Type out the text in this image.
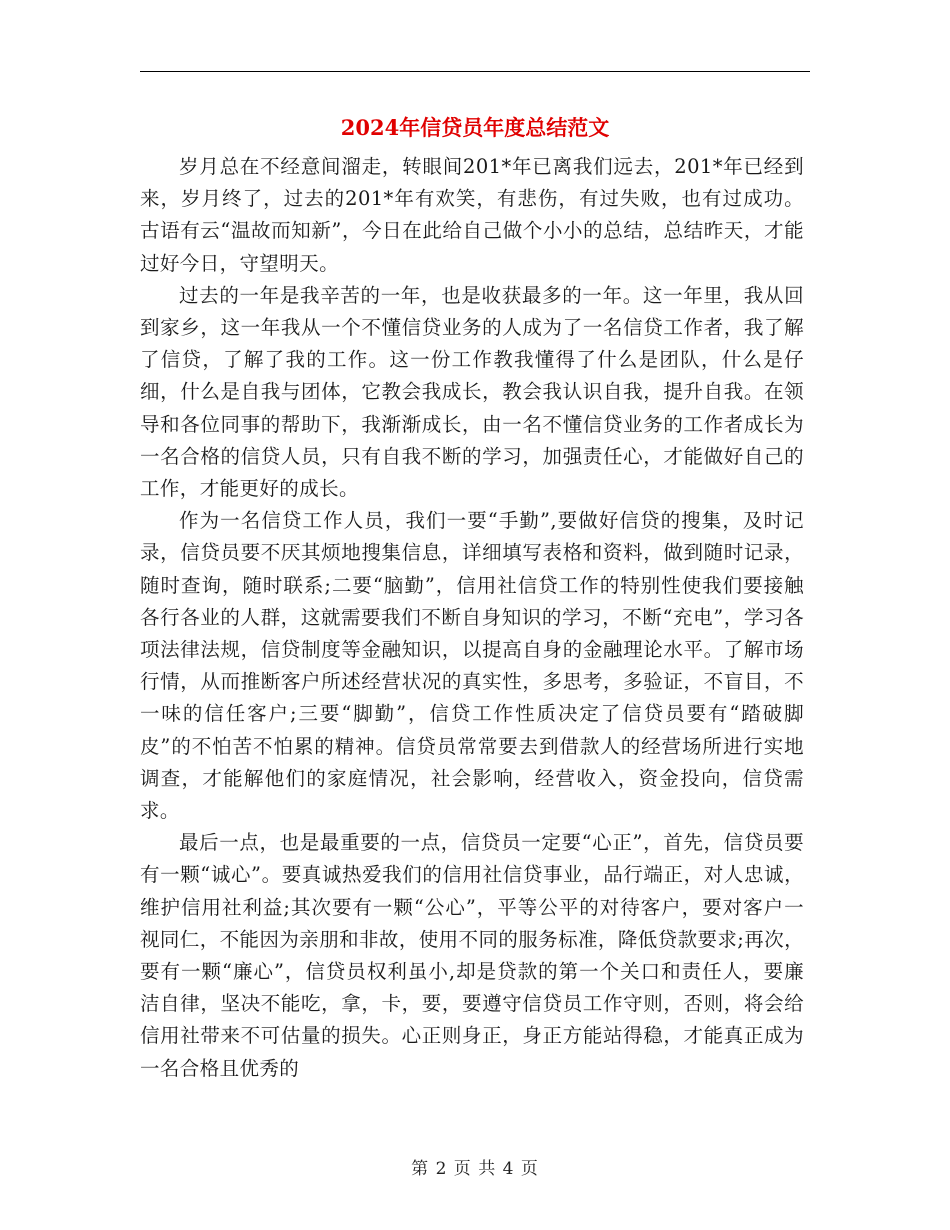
2024年信贷员年度总结范文

岁月总在不经意间溜走，转眼间201*年已离我们远去，201*年已经到来，岁月终了，过去的201*年有欢笑，有悲伤，有过失败，也有过成功。古语有云“温故而知新”，今日在此给自己做个小小的总结，总结昨天，才能过好今日，守望明天。

过去的一年是我辛苦的一年，也是收获最多的一年。这一年里，我从回到家乡，这一年我从一个不懂信贷业务的人成为了一名信贷工作者，我了解了信贷，了解了我的工作。这一份工作教我懂得了什么是团队，什么是仔细，什么是自我与团体，它教会我成长，教会我认识自我，提升自我。在领导和各位同事的帮助下，我渐渐成长，由一名不懂信贷业务的工作者成长为一名合格的信贷人员，只有自我不断的学习，加强责任心，才能做好自己的工作，才能更好的成长。

作为一名信贷工作人员，我们一要“手勤”,要做好信贷的搜集，及时记录，信贷员要不厌其烦地搜集信息，详细填写表格和资料，做到随时记录，随时查询，随时联系;二要“脑勤”，信用社信贷工作的特别性使我们要接触各行各业的人群，这就需要我们不断自身知识的学习，不断“充电”，学习各项法律法规，信贷制度等金融知识，以提高自身的金融理论水平。了解市场行情，从而推断客户所述经营状况的真实性，多思考，多验证，不盲目，不一味的信任客户;三要“脚勤”，信贷工作性质决定了信贷员要有“踏破脚皮”的不怕苦不怕累的精神。信贷员常常要去到借款人的经营场所进行实地调查，才能解他们的家庭情况，社会影响，经营收入，资金投向，信贷需求。

最后一点，也是最重要的一点，信贷员一定要“心正”，首先，信贷员要有一颗“诚心”。要真诚热爱我们的信用社信贷事业，品行端正，对人忠诚，维护信用社利益;其次要有一颗“公心”，平等公平的对待客户，要对客户一视同仁，不能因为亲朋和非故，使用不同的服务标准，降低贷款要求;再次，要有一颗“廉心”，信贷员权利虽小,却是贷款的第一个关口和责任人，要廉洁自律，坚决不能吃，拿，卡，要，要遵守信贷员工作守则，否则，将会给信用社带来不可估量的损失。心正则身正，身正方能站得稳，才能真正成为一名合格且优秀的

第 2 页 共 4 页
